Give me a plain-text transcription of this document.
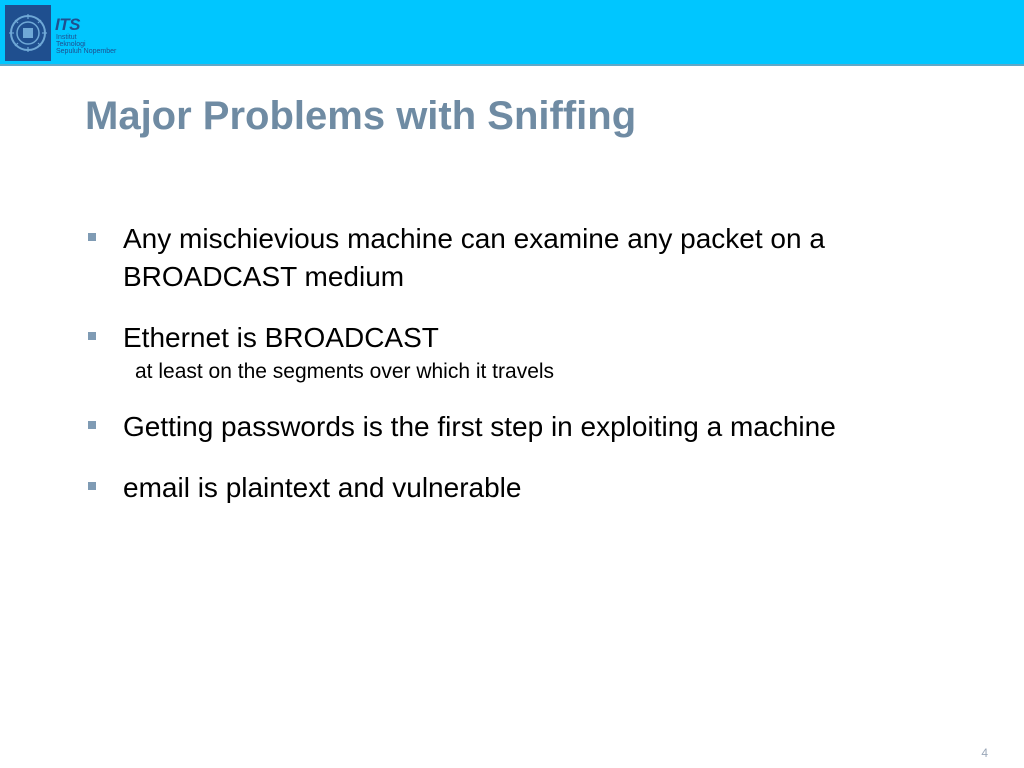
ITS
Institut
Teknologi
Sepuluh Nopember
Major Problems with Sniffing
Any mischievious machine can examine any packet on a BROADCAST medium
Ethernet is BROADCAST
at least on the segments over which it travels
Getting passwords is the first step in exploiting a machine
email is plaintext and vulnerable
4
